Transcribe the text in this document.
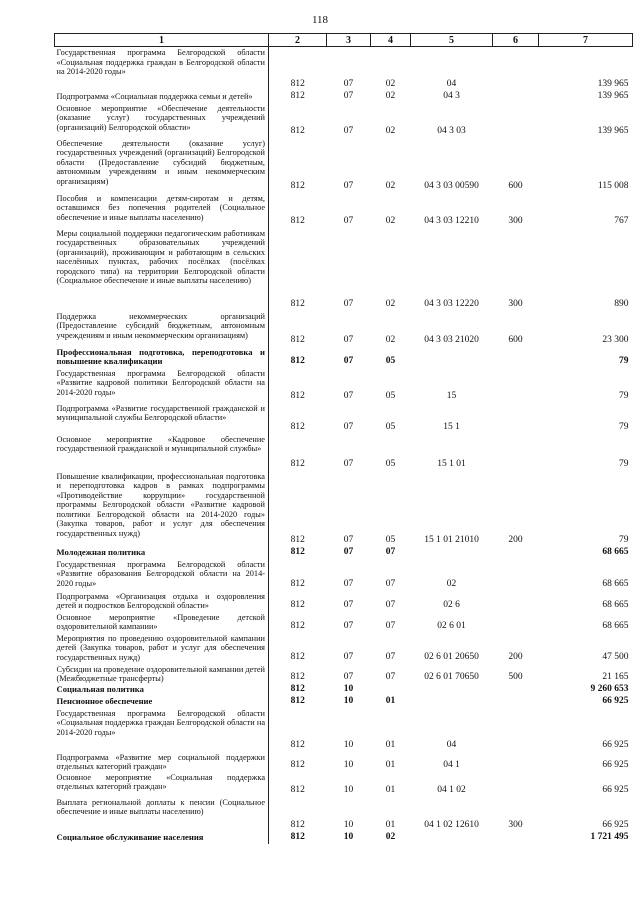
118
1	2	3	4	5	6	7
Государственная программа Белгородской области «Социальная поддержка граждан в Белгородской области на 2014-2020 годы»	812	07	02	04		139 965
Подпрограмма «Социальная поддержка семьи и детей»	812	07	02	04 3		139 965
Основное мероприятие «Обеспечение деятельности (оказание услуг) государственных учреждений (организаций) Белгородской области»	812	07	02	04 3 03		139 965
Обеспечение деятельности (оказание услуг) государственных учреждений (организаций) Белгородской области (Предоставление субсидий бюджетным, автономным учреждениям и иным некоммерческим организациям)	812	07	02	04 3 03 00590	600	115 008
Пособия и компенсации детям-сиротам и детям, оставшимся без попечения родителей (Социальное обеспечение и иные выплаты населению)	812	07	02	04 3 03 12210	300	767
Меры социальной поддержки педагогическим работникам государственных образовательных учреждений (организаций), проживающим и работающим в сельских населённых пунктах, рабочих посёлках (посёлках городского типа) на территории Белгородской области (Социальное обеспечение и иные выплаты населению)	812	07	02	04 3 03 12220	300	890
Поддержка некоммерческих организаций (Предоставление субсидий бюджетным, автономным учреждениям и иным некоммерческим организациям)	812	07	02	04 3 03 21020	600	23 300
Профессиональная подготовка, переподготовка и повышение квалификации	812	07	05			79
Государственная программа Белгородской области «Развитие кадровой политики Белгородской области на 2014-2020 годы»	812	07	05	15		79
Подпрограмма «Развитие государственной гражданской и муниципальной службы Белгородской области»	812	07	05	15 1		79
Основное мероприятие «Кадровое обеспечение государственной гражданской и муниципальной службы»	812	07	05	15 1 01		79
Повышение квалификации, профессиональная подготовка и переподготовка кадров в рамках подпрограммы «Противодействие коррупции» государственной программы Белгородской области «Развитие кадровой политики Белгородской области на 2014-2020 годы» (Закупка товаров, работ и услуг для обеспечения государственных нужд)	812	07	05	15 1 01 21010	200	79
Молодежная политика	812	07	07			68 665
Государственная программа Белгородской области «Развитие образования Белгородской области на 2014-2020 годы»	812	07	07	02		68 665
Подпрограмма «Организация отдыха и оздоровления детей и подростков Белгородской области»	812	07	07	02 6		68 665
Основное мероприятие «Проведение детской оздоровительной кампании»	812	07	07	02 6 01		68 665
Мероприятия по проведению оздоровительной кампании детей (Закупка товаров, работ и услуг для обеспечения государственных нужд)	812	07	07	02 6 01 20650	200	47 500
Субсидии на проведение оздоровительной кампании детей (Межбюджетные трансферты)	812	07	07	02 6 01 70650	500	21 165
Социальная политика	812	10				9 260 653
Пенсионное обеспечение	812	10	01			66 925
Государственная программа Белгородской области «Социальная поддержка граждан Белгородской области на 2014-2020 годы»	812	10	01	04		66 925
Подпрограмма «Развитие мер социальной поддержки отдельных категорий граждан»	812	10	01	04 1		66 925
Основное мероприятие «Социальная поддержка отдельных категорий граждан»	812	10	01	04 1 02		66 925
Выплата региональной доплаты к пенсии (Социальное обеспечение и иные выплаты населению)	812	10	01	04 1 02 12610	300	66 925
Социальное обслуживание населения	812	10	02			1 721 495
